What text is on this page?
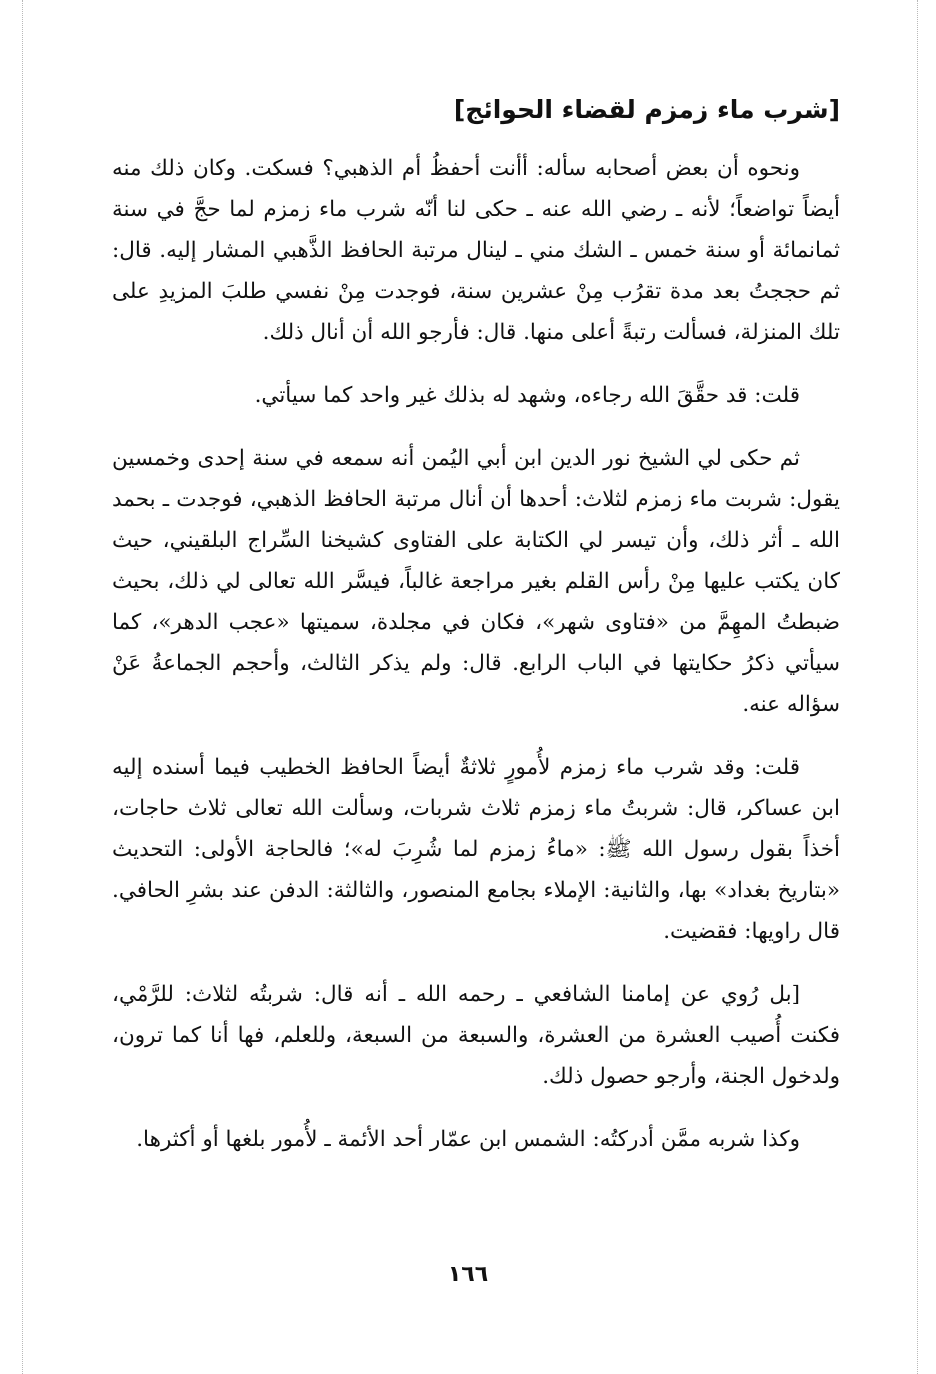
[شرب ماء زمزم لقضاء الحوائج]

ونحوه أن بعض أصحابه سأله: أأنت أحفظُ أم الذهبي؟ فسكت. وكان ذلك منه أيضاً تواضعاً؛ لأنه ـ رضي الله عنه ـ حكى لنا أنّه شرب ماء زمزم لما حجَّ في سنة ثمانمائة أو سنة خمس ـ الشك مني ـ لينال مرتبة الحافظ الذَّهبي المشار إليه. قال: ثم حججتُ بعد مدة تقرُب مِنْ عشرين سنة، فوجدت مِنْ نفسي طلبَ المزيدِ على تلك المنزلة، فسألت رتبةً أعلى منها. قال: فأرجو الله أن أنال ذلك.

قلت: قد حقَّقَ الله رجاءه، وشهد له بذلك غير واحد كما سيأتي.

ثم حكى لي الشيخ نور الدين ابن أبي اليُمن أنه سمعه في سنة إحدى وخمسين يقول: شربت ماء زمزم لثلاث: أحدها أن أنال مرتبة الحافظ الذهبي، فوجدت ـ بحمد الله ـ أثر ذلك، وأن تيسر لي الكتابة على الفتاوى كشيخنا السِّراج البلقيني، حيث كان يكتب عليها مِنْ رأس القلم بغير مراجعة غالباً، فيسَّر الله تعالى لي ذلك، بحيث ضبطتُ المهِمَّ من «فتاوى شهر»، فكان في مجلدة، سميتها «عجب الدهر»، كما سيأتي ذكرُ حكايتها في الباب الرابع. قال: ولم يذكر الثالث، وأحجم الجماعةُ عَنْ سؤاله عنه.

قلت: وقد شرب ماء زمزم لأُمورٍ ثلاثةٌ أيضاً الحافظ الخطيب فيما أسنده إليه ابن عساكر، قال: شربتُ ماء زمزم ثلاث شربات، وسألت الله تعالى ثلاث حاجات، أخذاً بقول رسول الله ﷺ: «ماءُ زمزم لما شُرِبَ له»؛ فالحاجة الأولى: التحديث «بتاريخ بغداد» بها، والثانية: الإملاء بجامع المنصور، والثالثة: الدفن عند بشرِ الحافي. قال راويها: فقضيت.

[بل رُوي عن إمامنا الشافعي ـ رحمه الله ـ أنه قال: شربتُه لثلاث: للرَّمْي، فكنت أُصيب العشرة من العشرة، والسبعة من السبعة، وللعلم، فها أنا كما ترون، ولدخول الجنة، وأرجو حصول ذلك.

وكذا شربه ممَّن أدركتُه: الشمس ابن عمّار أحد الأئمة ـ لأُمور بلغها أو أكثرها.

١٦٦
